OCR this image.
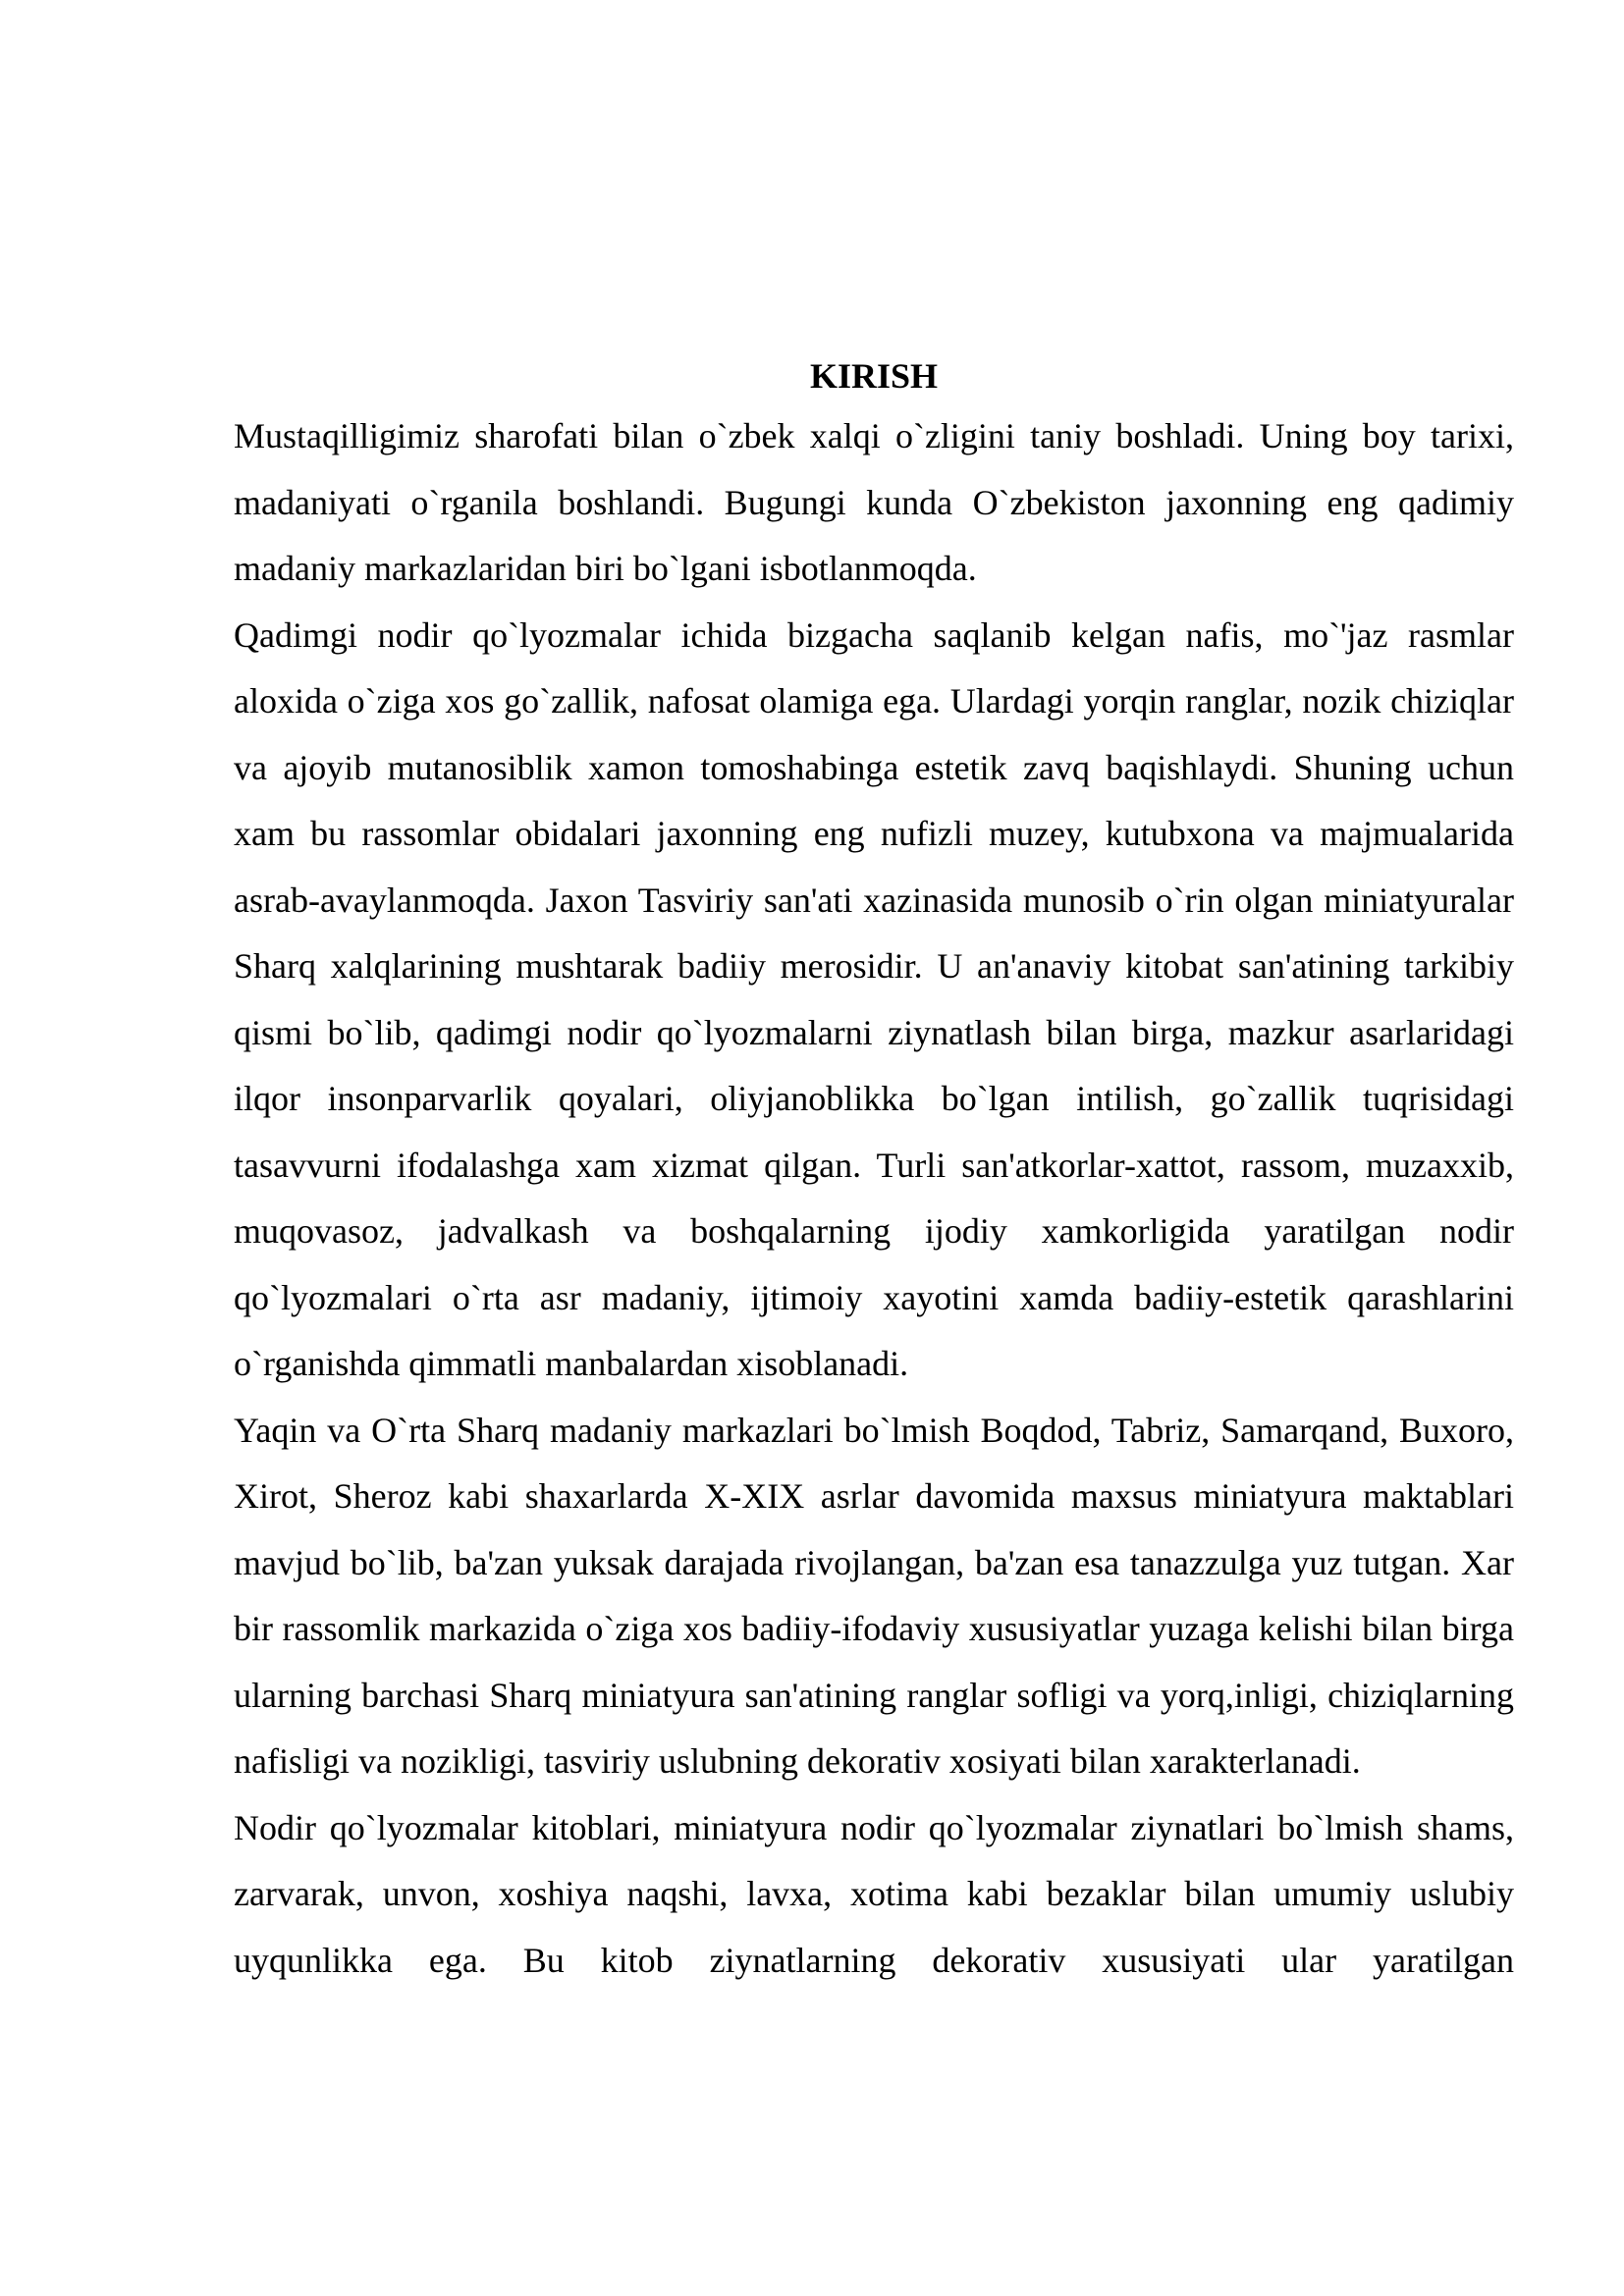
KIRISH

Mustaqilligimiz sharofati bilan o`zbek xalqi o`zligini taniy boshladi. Uning boy tarixi, madaniyati o`rganila boshlandi. Bugungi kunda O`zbekiston jaxonning eng qadimiy madaniy markazlaridan biri bo`lgani isbotlanmoqda.

Qadimgi nodir qo`lyozmalar ichida bizgacha saqlanib kelgan nafis, mo`'jaz rasmlar aloxida o`ziga xos go`zallik, nafosat olamiga ega. Ulardagi yorqin ranglar, nozik chiziqlar va ajoyib mutanosiblik xamon tomoshabinga estetik zavq baqishlaydi. Shuning uchun xam bu rassomlar obidalari jaxonning eng nufizli muzey, kutubxona va majmualarida asrab-avaylanmoqda. Jaxon Tasviriy san'ati xazinasida munosib o`rin olgan miniatyuralar Sharq xalqlarining mushtarak badiiy merosidir. U an'anaviy kitobat san'atining tarkibiy qismi bo`lib, qadimgi nodir qo`lyozmalarni ziynatlash bilan birga, mazkur asarlaridagi ilqor insonparvarlik qoyalari, oliyjanoblikka bo`lgan intilish, go`zallik tuqrisidagi tasavvurni ifodalashga xam xizmat qilgan. Turli san'atkorlar-xattot, rassom, muzaxxib, muqovasoz, jadvalkash va boshqalarning ijodiy xamkorligida yaratilgan nodir qo`lyozmalari o`rta asr madaniy, ijtimoiy xayotini xamda badiiy-estetik qarashlarini o`rganishda qimmatli manbalardan xisoblanadi.

Yaqin va O`rta Sharq madaniy markazlari bo`lmish Boqdod, Tabriz, Samarqand, Buxoro, Xirot, Sheroz kabi shaxarlarda X-XIX asrlar davomida maxsus miniatyura maktablari mavjud bo`lib, ba'zan yuksak darajada rivojlangan, ba'zan esa tanazzulga yuz tutgan. Xar bir rassomlik markazida o`ziga xos badiiy-ifodaviy xususiyatlar yuzaga kelishi bilan birga ularning barchasi Sharq miniatyura san'atining ranglar sofligi va yorq,inligi, chiziqlarning nafisligi va nozikligi, tasviriy uslubning dekorativ xosiyati bilan xarakterlanadi.

Nodir qo`lyozmalar kitoblari, miniatyura nodir qo`lyozmalar ziynatlari bo`lmish shams, zarvarak, unvon, xoshiya naqshi, lavxa, xotima kabi bezaklar bilan umumiy uslubiy uyqunlikka ega. Bu kitob ziynatlarning dekorativ xususiyati ular yaratilgan
